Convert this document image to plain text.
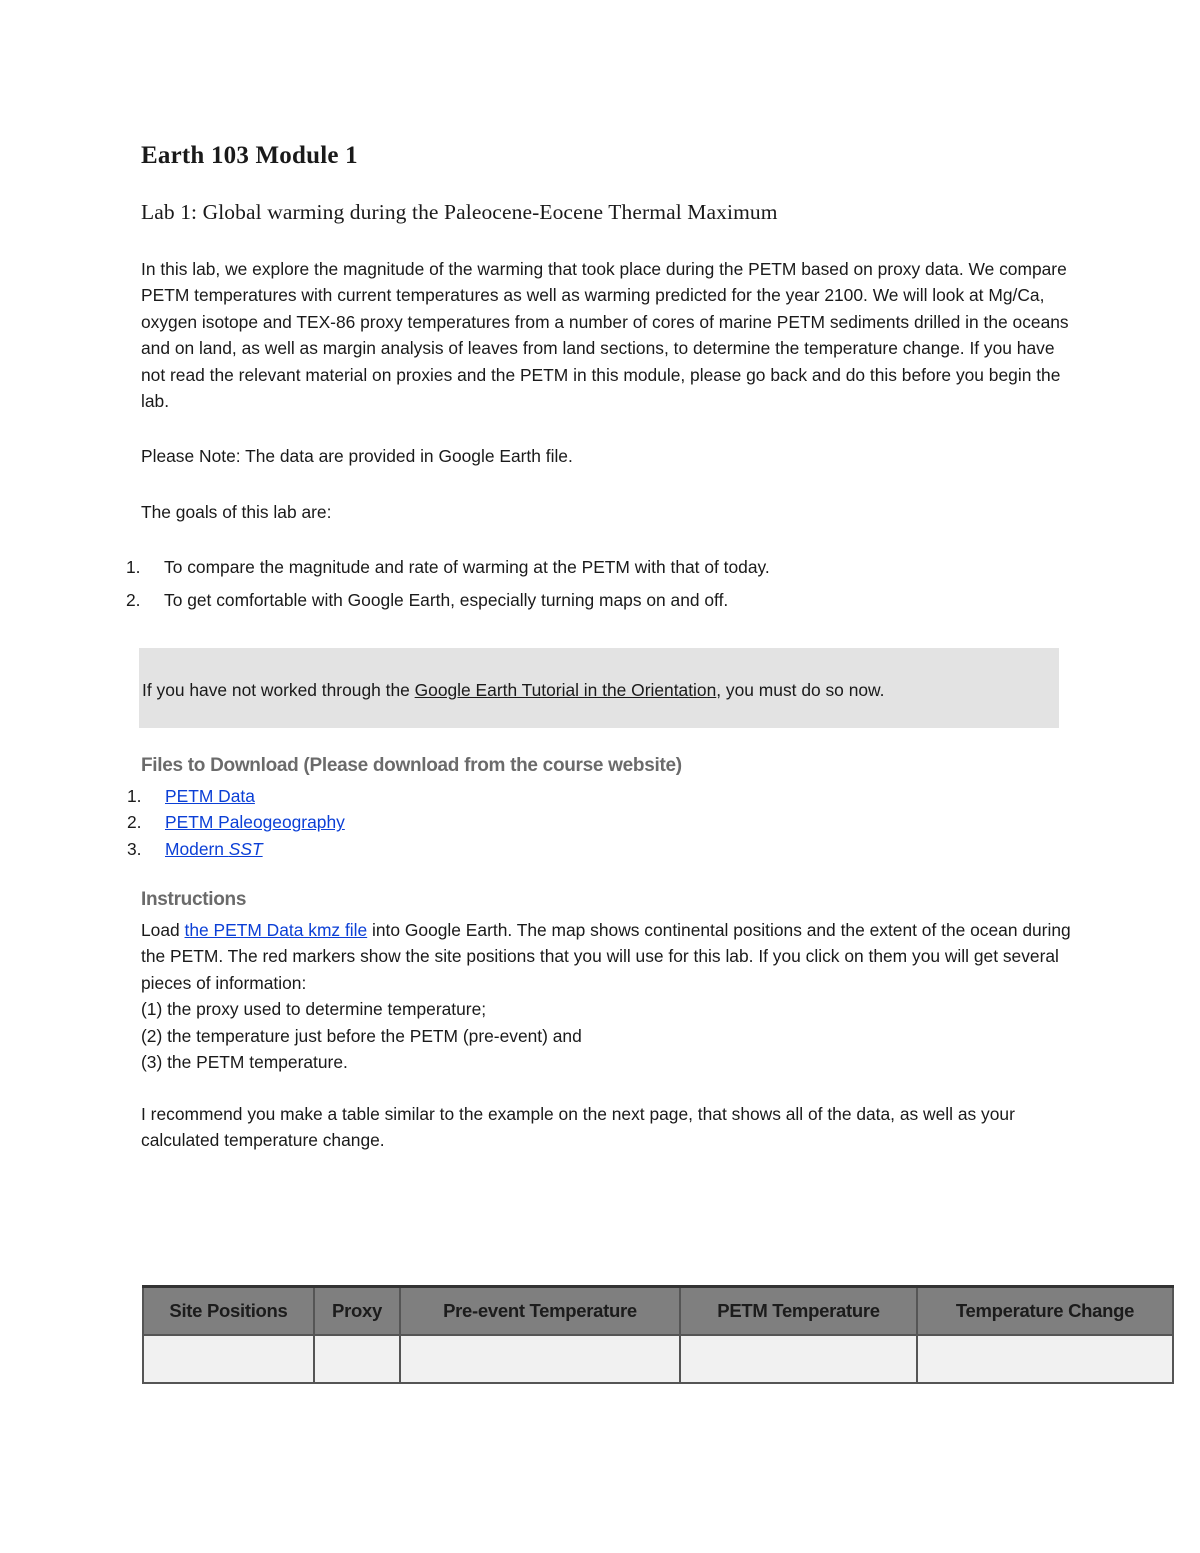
Earth 103 Module 1
Lab 1: Global warming during the Paleocene-Eocene Thermal Maximum

In this lab, we explore the magnitude of the warming that took place during the PETM based on proxy data. We compare PETM temperatures with current temperatures as well as warming predicted for the year 2100. We will look at Mg/Ca, oxygen isotope and TEX-86 proxy temperatures from a number of cores of marine PETM sediments drilled in the oceans and on land, as well as margin analysis of leaves from land sections, to determine the temperature change. If you have not read the relevant material on proxies and the PETM in this module, please go back and do this before you begin the lab.

Please Note: The data are provided in Google Earth file.

The goals of this lab are:

1. To compare the magnitude and rate of warming at the PETM with that of today.
2. To get comfortable with Google Earth, especially turning maps on and off.
If you have not worked through the Google Earth Tutorial in the Orientation, you must do so now.
Files to Download (Please download from the course website)
1. PETM Data
2. PETM Paleogeography
3. Modern SST
Instructions
Load the PETM Data kmz file into Google Earth. The map shows continental positions and the extent of the ocean during the PETM. The red markers show the site positions that you will use for this lab. If you click on them you will get several pieces of information:
(1) the proxy used to determine temperature;
(2) the temperature just before the PETM (pre-event) and
(3) the PETM temperature.

I recommend you make a table similar to the example on the next page, that shows all of the data, as well as your calculated temperature change.

Site Positions	Proxy	Pre-event Temperature	PETM Temperature	Temperature Change
